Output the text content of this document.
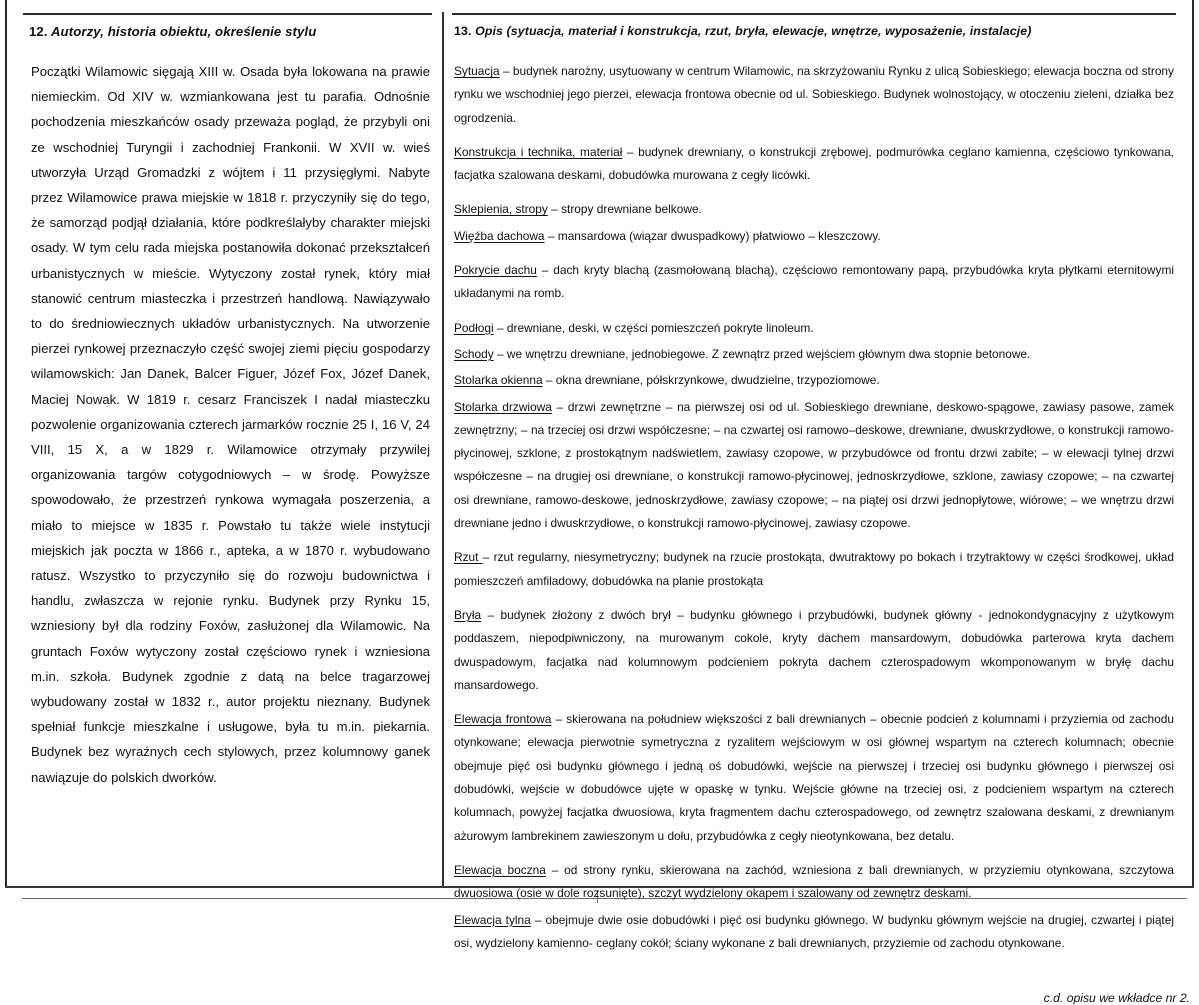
12. Autorzy, historia obiektu, określenie stylu

Początki Wilamowic sięgają XIII w. Osada była lokowana na prawie niemieckim. Od XIV w. wzmiankowana jest tu parafia. Odnośnie pochodzenia mieszkańców osady przeważa pogląd, że przybyli oni ze wschodniej Turyngii i zachodniej Frankonii. W XVII w. wieś utworzyła Urząd Gromadzki z wójtem i 11 przysięgłymi. Nabyte przez Wilamowice prawa miejskie w 1818 r. przyczyniły się do tego, że samorząd podjął działania, które podkreślałyby charakter miejski osady. W tym celu rada miejska postanowiła dokonać przekształceń urbanistycznych w mieście. Wytyczony został rynek, który miał stanowić centrum miasteczka i przestrzeń handlową. Nawiązywało to do średniowiecznych układów urbanistycznych. Na utworzenie pierzei rynkowej przeznaczyło część swojej ziemi pięciu gospodarzy wilamowskich: Jan Danek, Balcer Figuer, Józef Fox, Józef Danek, Maciej Nowak. W 1819 r. cesarz Franciszek I nadał miasteczku pozwolenie organizowania czterech jarmarków rocznie 25 I, 16 V, 24 VIII, 15 X, a w 1829 r. Wilamowice otrzymały przywilej organizowania targów cotygodniowych – w środę. Powyższe spowodowało, że przestrzeń rynkowa wymagała poszerzenia, a miało to miejsce w 1835 r. Powstało tu także wiele instytucji miejskich jak poczta w 1866 r., apteka, a w 1870 r. wybudowano ratusz. Wszystko to przyczyniło się do rozwoju budownictwa i handlu, zwłaszcza w rejonie rynku. Budynek przy Rynku 15, wzniesiony był dla rodziny Foxów, zasłużonej dla Wilamowic. Na gruntach Foxów wytyczony został częściowo rynek i wzniesiona m.in. szkoła. Budynek zgodnie z datą na belce tragarzowej wybudowany został w 1832 r., autor projektu nieznany. Budynek spełniał funkcje mieszkalne i usługowe, była tu m.in. piekarnia. Budynek bez wyraźnych cech stylowych, przez kolumnowy ganek nawiązuje do polskich dworków.

13. Opis (sytuacja, materiał i konstrukcja, rzut, bryła, elewacje, wnętrze, wyposażenie, instalacje)

Sytuacja – budynek narożny, usytuowany w centrum Wilamowic, na skrzyżowaniu Rynku z ulicą Sobieskiego; elewacja boczna od strony rynku we wschodniej jego pierzei, elewacja frontowa obecnie od ul. Sobieskiego. Budynek wolnostojący, w otoczeniu zieleni, działka bez ogrodzenia.

Konstrukcja i technika, materiał – budynek drewniany, o konstrukcji zrębowej, podmurówka ceglano kamienna, częściowo tynkowana, facjatka szalowana deskami, dobudówka murowana z cegły licówki.

Sklepienia, stropy – stropy drewniane belkowe.

Więźba dachowa – mansardowa (wiązar dwuspadkowy) płatwiowo – kleszczowy.

Pokrycie dachu – dach kryty blachą (zasmołowaną blachą), częściowo remontowany papą, przybudówka kryta płytkami eternitowymi układanymi na romb.

Podłogi – drewniane, deski, w części pomieszczeń pokryte linoleum.

Schody – we wnętrzu drewniane, jednobiegowe. Z zewnątrz przed wejściem głównym dwa stopnie betonowe.

Stolarka okienna – okna drewniane, półskrzynkowe, dwudzielne, trzypoziomowe.

Stolarka drzwiowa – drzwi zewnętrzne – na pierwszej osi od ul. Sobieskiego drewniane, deskowo-spągowe, zawiasy pasowe, zamek zewnętrzny; – na trzeciej osi drzwi współczesne; – na czwartej osi ramowo–deskowe, drewniane, dwuskrzydłowe, o konstrukcji ramowo-płycinowej, szklone, z prostokątnym nadświetlem, zawiasy czopowe, w przybudówce od frontu drzwi zabite; – w elewacji tylnej drzwi współczesne – na drugiej osi drewniane, o konstrukcji ramowo-płycinowej, jednoskrzydłowe, szklone, zawiasy czopowe; – na czwartej osi drewniane, ramowo-deskowe, jednoskrzydłowe, zawiasy czopowe; – na piątej osi drzwi jednopłytowe, wiórowe; – we wnętrzu drzwi drewniane jedno i dwuskrzydłowe, o konstrukcji ramowo-płycinowej, zawiasy czopowe.

Rzut – rzut regularny, niesymetryczny; budynek na rzucie prostokąta, dwutraktowy po bokach i trzytraktowy w części środkowej, układ pomieszczeń amfiladowy, dobudówka na planie prostokąta

Bryła – budynek złożony z dwóch brył – budynku głównego i przybudówki, budynek główny - jednokondygnacyjny z użytkowym poddaszem, niepodpiwniczony, na murowanym cokole, kryty dachem mansardowym, dobudówka parterowa kryta dachem dwuspadowym, facjatka nad kolumnowym podcieniem pokryta dachem czterospadowym wkomponowanym w bryłę dachu mansardowego.

Elewacja frontowa – skierowana na południew większości z bali drewnianych – obecnie podcień z kolumnami i przyziemia od zachodu otynkowane; elewacja pierwotnie symetryczna z ryzalitem wejściowym w osi głównej wspartym na czterech kolumnach; obecnie obejmuje pięć osi budynku głównego i jedną oś dobudówki, wejście na pierwszej i trzeciej osi budynku głównego i pierwszej osi dobudówki, wejście w dobudówce ujęte w opaskę w tynku. Wejście główne na trzeciej osi, z podcieniem wspartym na czterech kolumnach, powyżej facjatka dwuosiowa, kryta fragmentem dachu czterospadowego, od zewnętrz szalowana deskami, z drewnianym ażurowym lambrekinem zawieszonym u dołu, przybudówka z cegły nieotynkowana, bez detalu.

Elewacja boczna – od strony rynku, skierowana na zachód, wzniesiona z bali drewnianych, w przyziemiu otynkowana, szczytowa dwuosiowa (osie w dole rozsunięte), szczyt wydzielony okapem i szalowany od zewnętrz deskami.

Elewacja tylna – obejmuje dwie osie dobudówki i pięć osi budynku głównego. W budynku głównym wejście na drugiej, czwartej i piątej osi, wydzielony kamienno- ceglany cokół; ściany wykonane z bali drewnianych, przyziemie od zachodu otynkowane.

c.d. opisu we wkładce nr 2.
